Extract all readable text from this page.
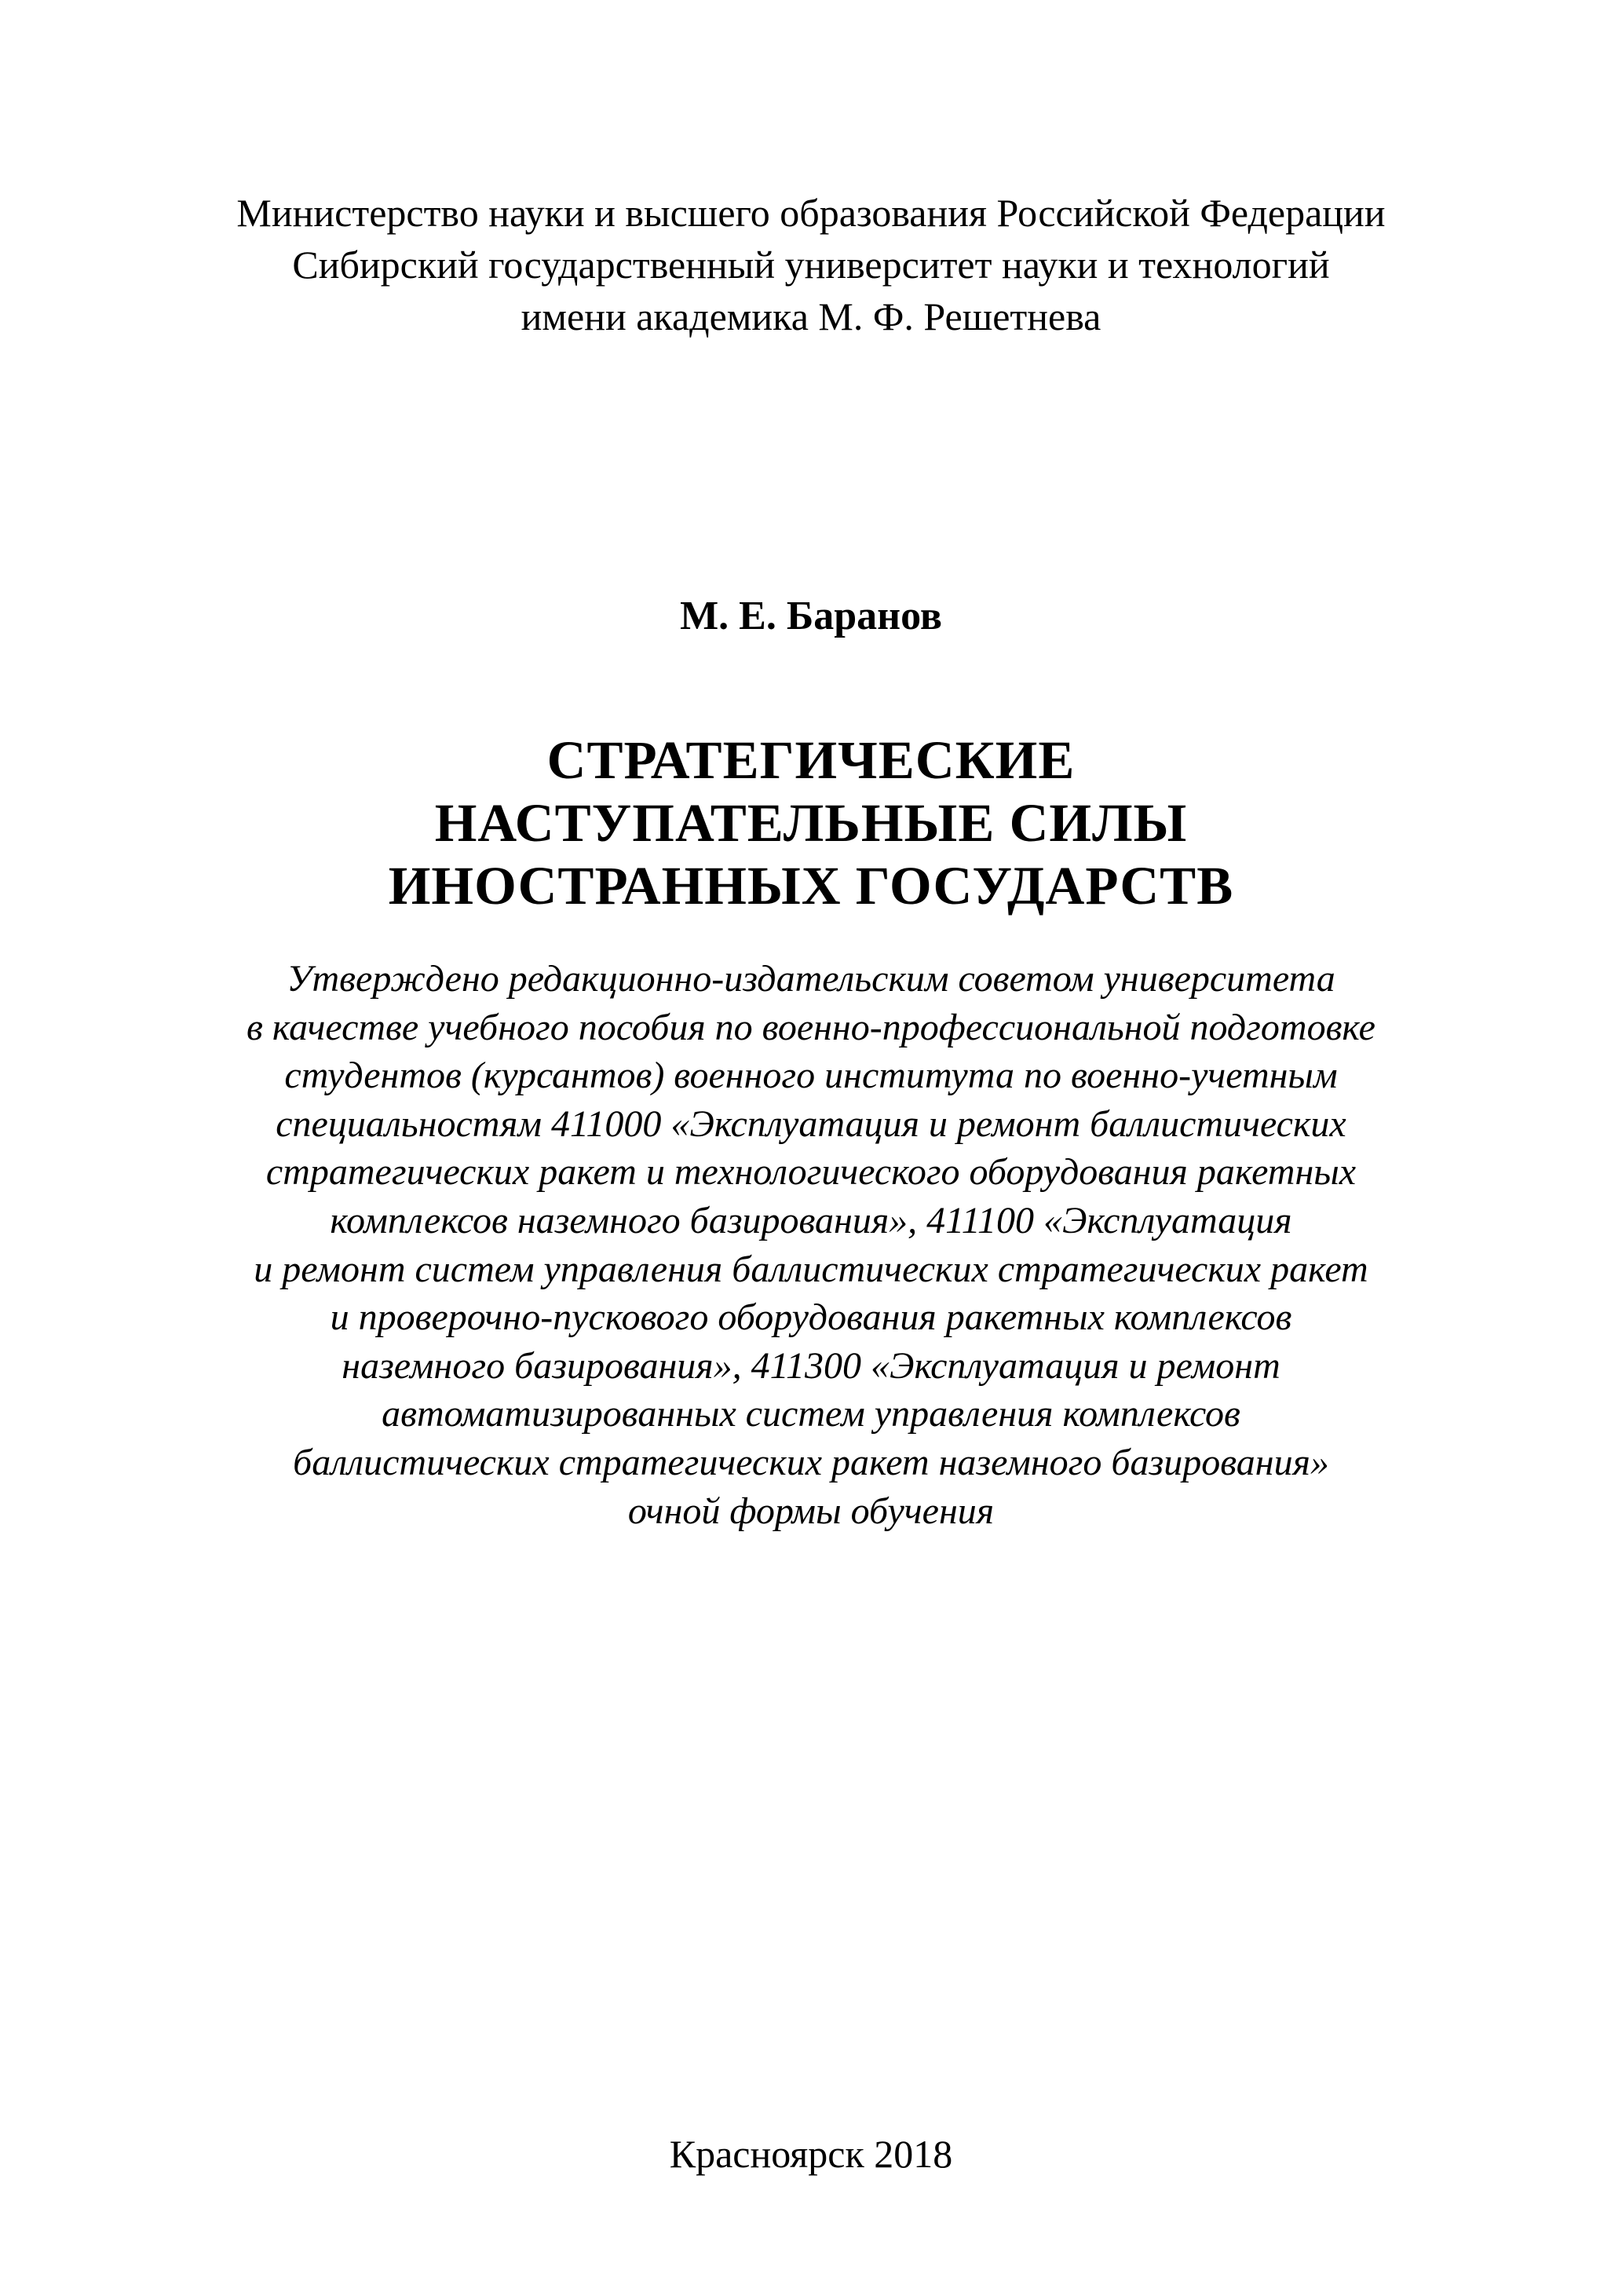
Министерство науки и высшего образования Российской Федерации
Сибирский государственный университет науки и технологий
имени академика М. Ф. Решетнева
М. Е. Баранов
СТРАТЕГИЧЕСКИЕ
НАСТУПАТЕЛЬНЫЕ СИЛЫ
ИНОСТРАННЫХ ГОСУДАРСТВ
Утверждено редакционно-издательским советом университета
в качестве учебного пособия по военно-профессиональной подготовке
студентов (курсантов) военного института по военно-учетным
специальностям 411000 «Эксплуатация и ремонт баллистических
стратегических ракет и технологического оборудования ракетных
комплексов наземного базирования», 411100 «Эксплуатация
и ремонт систем управления баллистических стратегических ракет
и проверочно-пускового оборудования ракетных комплексов
наземного базирования», 411300 «Эксплуатация и ремонт
автоматизированных систем управления комплексов
баллистических стратегических ракет наземного базирования»
очной формы обучения
Красноярск 2018
